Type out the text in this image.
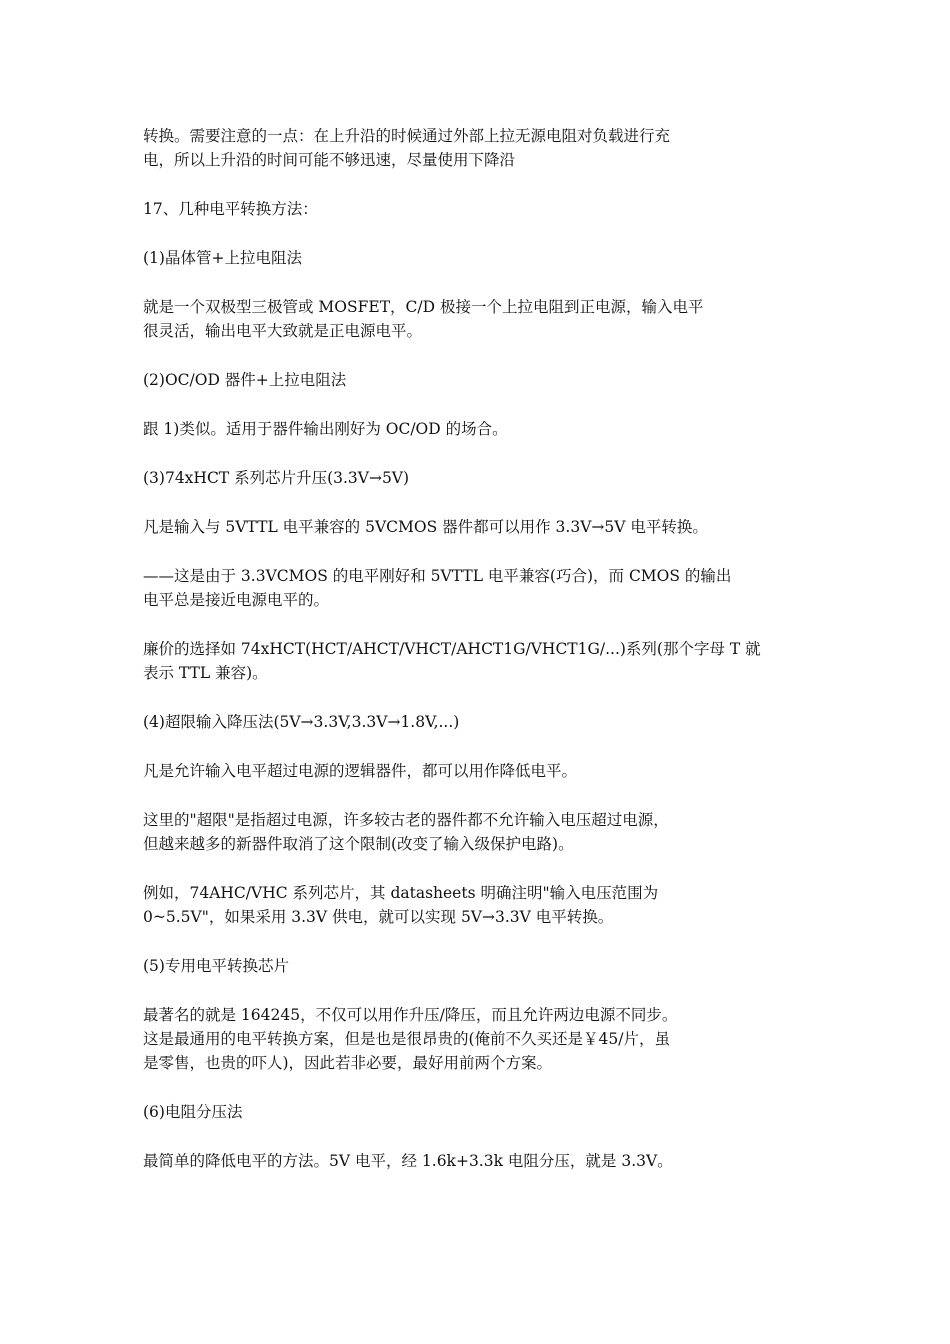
转换。需要注意的一点：在上升沿的时候通过外部上拉无源电阻对负载进行充
电，所以上升沿的时间可能不够迅速，尽量使用下降沿

17、几种电平转换方法：

(1)晶体管+上拉电阻法

就是一个双极型三极管或 MOSFET，C/D 极接一个上拉电阻到正电源，输入电平
很灵活，输出电平大致就是正电源电平。

(2)OC/OD 器件+上拉电阻法

跟 1)类似。适用于器件输出刚好为 OC/OD 的场合。

(3)74xHCT 系列芯片升压(3.3V→5V)

凡是输入与 5VTTL 电平兼容的 5VCMOS 器件都可以用作 3.3V→5V 电平转换。

——这是由于 3.3VCMOS 的电平刚好和 5VTTL 电平兼容(巧合)，而 CMOS 的输出
电平总是接近电源电平的。

廉价的选择如 74xHCT(HCT/AHCT/VHCT/AHCT1G/VHCT1G/...)系列(那个字母 T 就
表示 TTL 兼容)。

(4)超限输入降压法(5V→3.3V,3.3V→1.8V,...)

凡是允许输入电平超过电源的逻辑器件，都可以用作降低电平。

这里的"超限"是指超过电源，许多较古老的器件都不允许输入电压超过电源，
但越来越多的新器件取消了这个限制(改变了输入级保护电路)。

例如，74AHC/VHC 系列芯片，其 datasheets 明确注明"输入电压范围为
0~5.5V"，如果采用 3.3V 供电，就可以实现 5V→3.3V 电平转换。

(5)专用电平转换芯片

最著名的就是 164245，不仅可以用作升压/降压，而且允许两边电源不同步。
这是最通用的电平转换方案，但是也是很昂贵的(俺前不久买还是￥45/片，虽
是零售，也贵的吓人)，因此若非必要，最好用前两个方案。

(6)电阻分压法

最简单的降低电平的方法。5V 电平，经 1.6k+3.3k 电阻分压，就是 3.3V。
